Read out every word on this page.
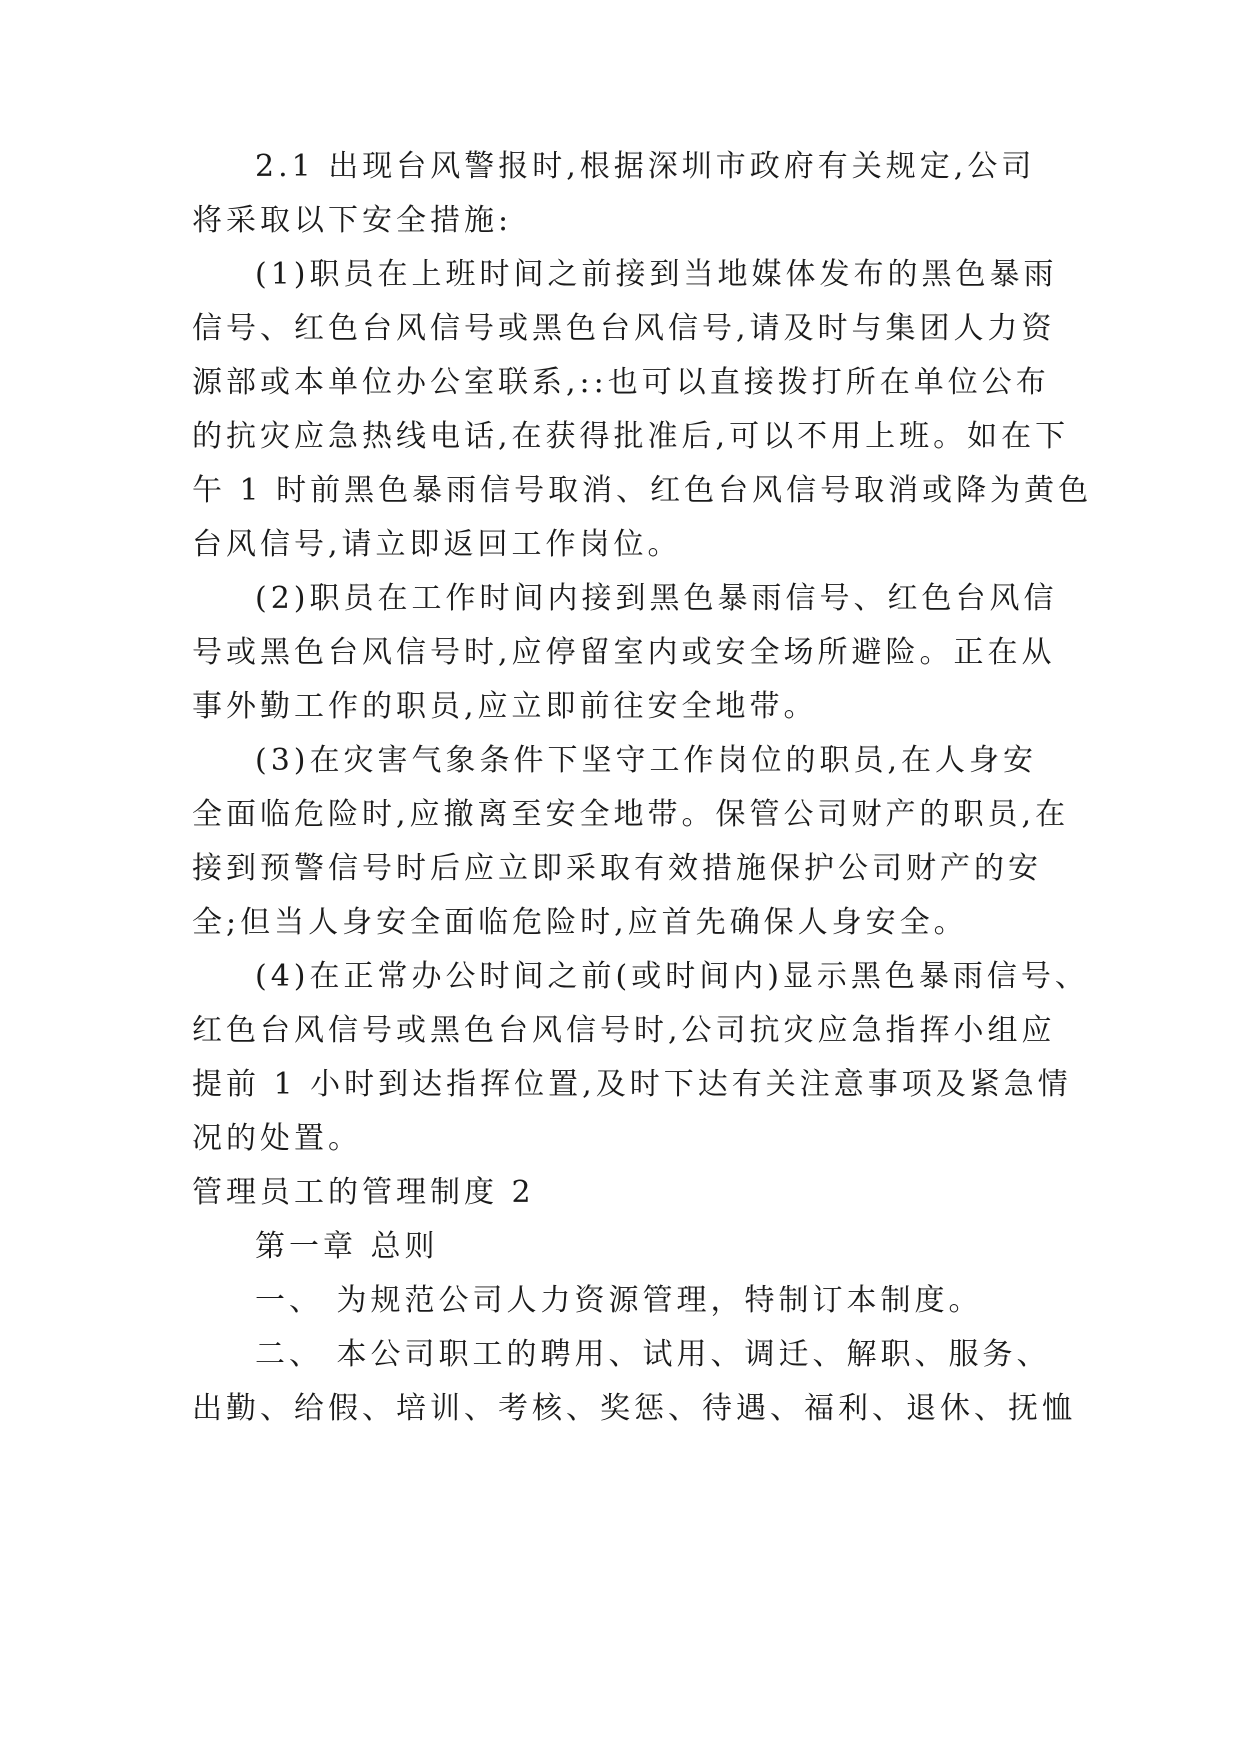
2.1 出现台风警报时,根据深圳市政府有关规定,公司
将采取以下安全措施:
(1)职员在上班时间之前接到当地媒体发布的黑色暴雨
信号、红色台风信号或黑色台风信号,请及时与集团人力资
源部或本单位办公室联系,::也可以直接拨打所在单位公布
的抗灾应急热线电话,在获得批准后,可以不用上班。如在下
午 1 时前黑色暴雨信号取消、红色台风信号取消或降为黄色
台风信号,请立即返回工作岗位。
(2)职员在工作时间内接到黑色暴雨信号、红色台风信
号或黑色台风信号时,应停留室内或安全场所避险。正在从
事外勤工作的职员,应立即前往安全地带。
(3)在灾害气象条件下坚守工作岗位的职员,在人身安
全面临危险时,应撤离至安全地带。保管公司财产的职员,在
接到预警信号时后应立即采取有效措施保护公司财产的安
全;但当人身安全面临危险时,应首先确保人身安全。
(4)在正常办公时间之前(或时间内)显示黑色暴雨信号、
红色台风信号或黑色台风信号时,公司抗灾应急指挥小组应
提前 1 小时到达指挥位置,及时下达有关注意事项及紧急情
况的处置。
管理员工的管理制度 2
第一章 总则
一、 为规范公司人力资源管理，特制订本制度。
二、 本公司职工的聘用、试用、调迁、解职、服务、
出勤、给假、培训、考核、奖惩、待遇、福利、退休、抚恤
